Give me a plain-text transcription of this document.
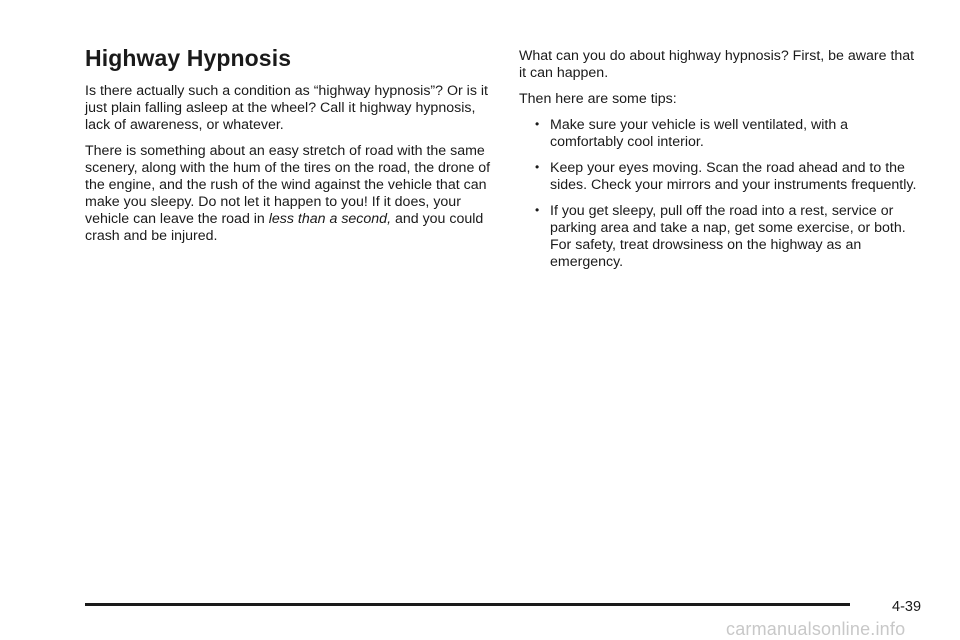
Highway Hypnosis

Is there actually such a condition as “highway hypnosis”? Or is it just plain falling asleep at the wheel? Call it highway hypnosis, lack of awareness, or whatever.

There is something about an easy stretch of road with the same scenery, along with the hum of the tires on the road, the drone of the engine, and the rush of the wind against the vehicle that can make you sleepy. Do not let it happen to you! If it does, your vehicle can leave the road in less than a second, and you could crash and be injured.

What can you do about highway hypnosis? First, be aware that it can happen.

Then here are some tips:

• Make sure your vehicle is well ventilated, with a comfortably cool interior.
• Keep your eyes moving. Scan the road ahead and to the sides. Check your mirrors and your instruments frequently.
• If you get sleepy, pull off the road into a rest, service or parking area and take a nap, get some exercise, or both. For safety, treat drowsiness on the highway as an emergency.
4-39
carmanualsonline.info
